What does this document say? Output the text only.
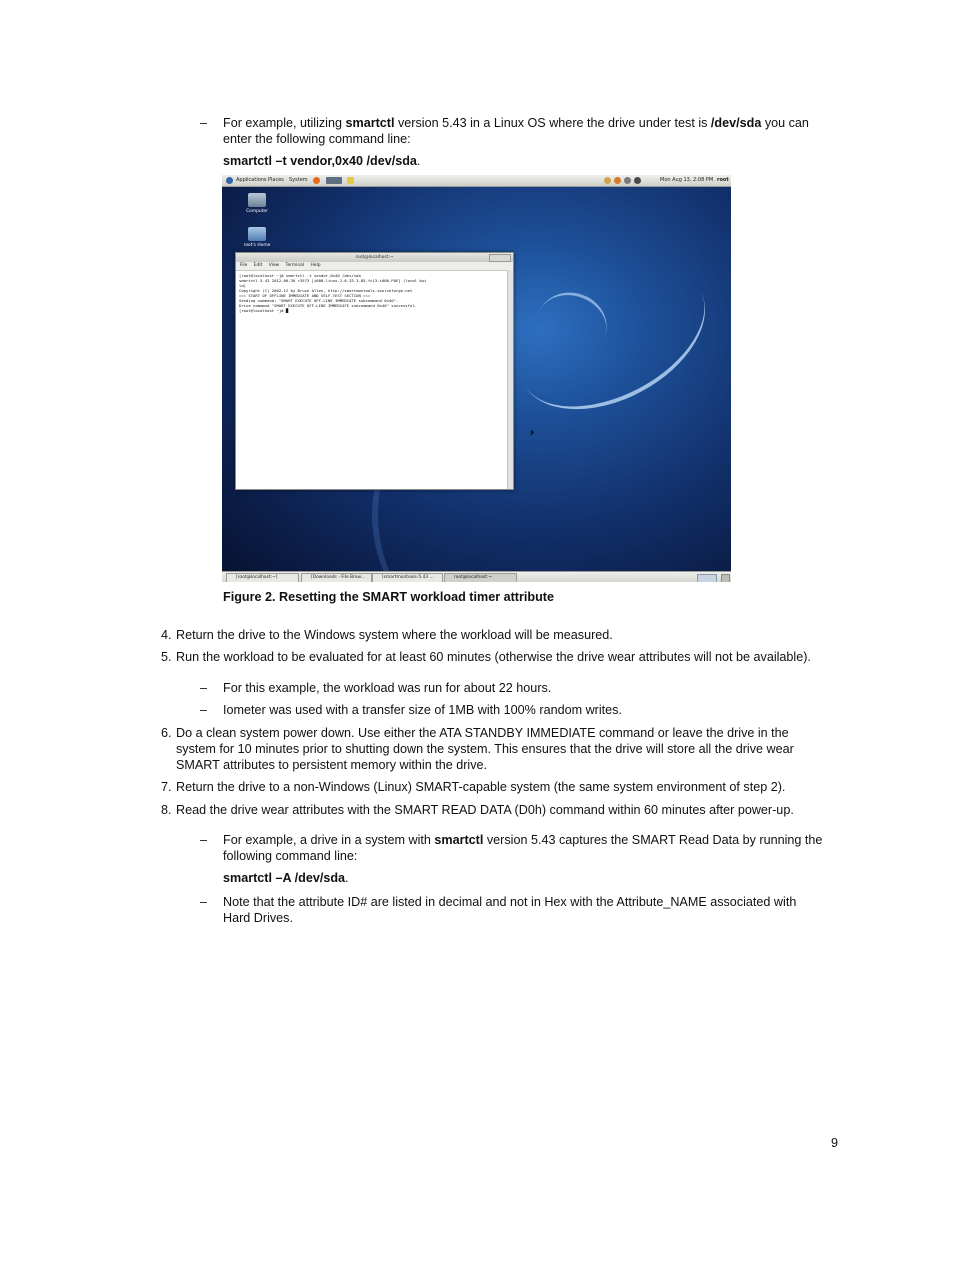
–	For example, utilizing smartctl version 5.43 in a Linux OS where the drive under test is /dev/sda you can

enter the following command line:

smartctl –t vendor,0x40 /dev/sda.

Applications Places System	Mon Aug 13, 2:08 PM root
Computer
root's Home
root@localhost:~
File Edit View Terminal Help
[root@localhost ~]# smartctl -t vendor,0x40 /dev/sda
smartctl 5.43 2012-06-30 r3573 [i686-linux-2.6.33.3-85.fc13.i686.PAE] (local bui
ld)
Copyright (C) 2002-12 by Bruce Allen, http://smartmontools.sourceforge.net
=== START OF OFFLINE IMMEDIATE AND SELF-TEST SECTION ===
Sending command: "SMART EXECUTE OFF-LINE IMMEDIATE subcommand 0x40".
Drive command "SMART EXECUTE OFF-LINE IMMEDIATE subcommand 0x40" successful.
[root@localhost ~]# █
[root@localhost:~]	[Downloads - File Brow...	[smartmontools-5.43 ...	root@localhost:~

Figure 2. Resetting the SMART workload timer attribute

4. Return the drive to the Windows system where the workload will be measured.

5. Run the workload to be evaluated for at least 60 minutes (otherwise the drive wear attributes will not be available).

–	For this example, the workload was run for about 22 hours.

–	Iometer was used with a transfer size of 1MB with 100% random writes.

6. Do a clean system power down. Use either the ATA STANDBY IMMEDIATE command or leave the drive in the

system for 10 minutes prior to shutting down the system. This ensures that the drive will store all the drive wear

SMART attributes to persistent memory within the drive.

7. Return the drive to a non-Windows (Linux) SMART-capable system (the same system environment of step 2).

8. Read the drive wear attributes with the SMART READ DATA (D0h) command within 60 minutes after power-up.

–	For example, a drive in a system with smartctl version 5.43 captures the SMART Read Data by running the

following command line:

smartctl –A /dev/sda.

–	Note that the attribute ID# are listed in decimal and not in Hex with the Attribute_NAME associated with

Hard Drives.

9
